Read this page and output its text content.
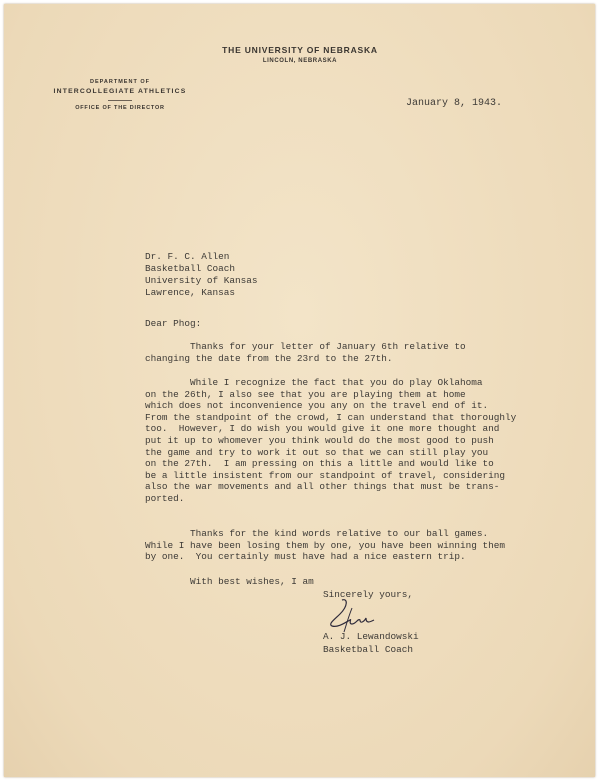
THE UNIVERSITY OF NEBRASKA
LINCOLN, NEBRASKA
DEPARTMENT OF
INTERCOLLEGIATE ATHLETICS
OFFICE OF THE DIRECTOR	January 8, 1943.
Dr. F. C. Allen
Basketball Coach
University of Kansas
Lawrence, Kansas
Dear Phog:
Thanks for your letter of January 6th relative to
changing the date from the 23rd to the 27th.
While I recognize the fact that you do play Oklahoma
on the 26th, I also see that you are playing them at home
which does not inconvenience you any on the travel end of it.
From the standpoint of the crowd, I can understand that thoroughly
too.  However, I do wish you would give it one more thought and
put it up to whomever you think would do the most good to push
the game and try to work it out so that we can still play you
on the 27th.  I am pressing on this a little and would like to
be a little insistent from our standpoint of travel, considering
also the war movements and all other things that must be trans-
ported.
Thanks for the kind words relative to our ball games.
While I have been losing them by one, you have been winning them
by one.  You certainly must have had a nice eastern trip.
With best wishes, I am
Sincerely yours,
A. J. Lewandowski
Basketball Coach
